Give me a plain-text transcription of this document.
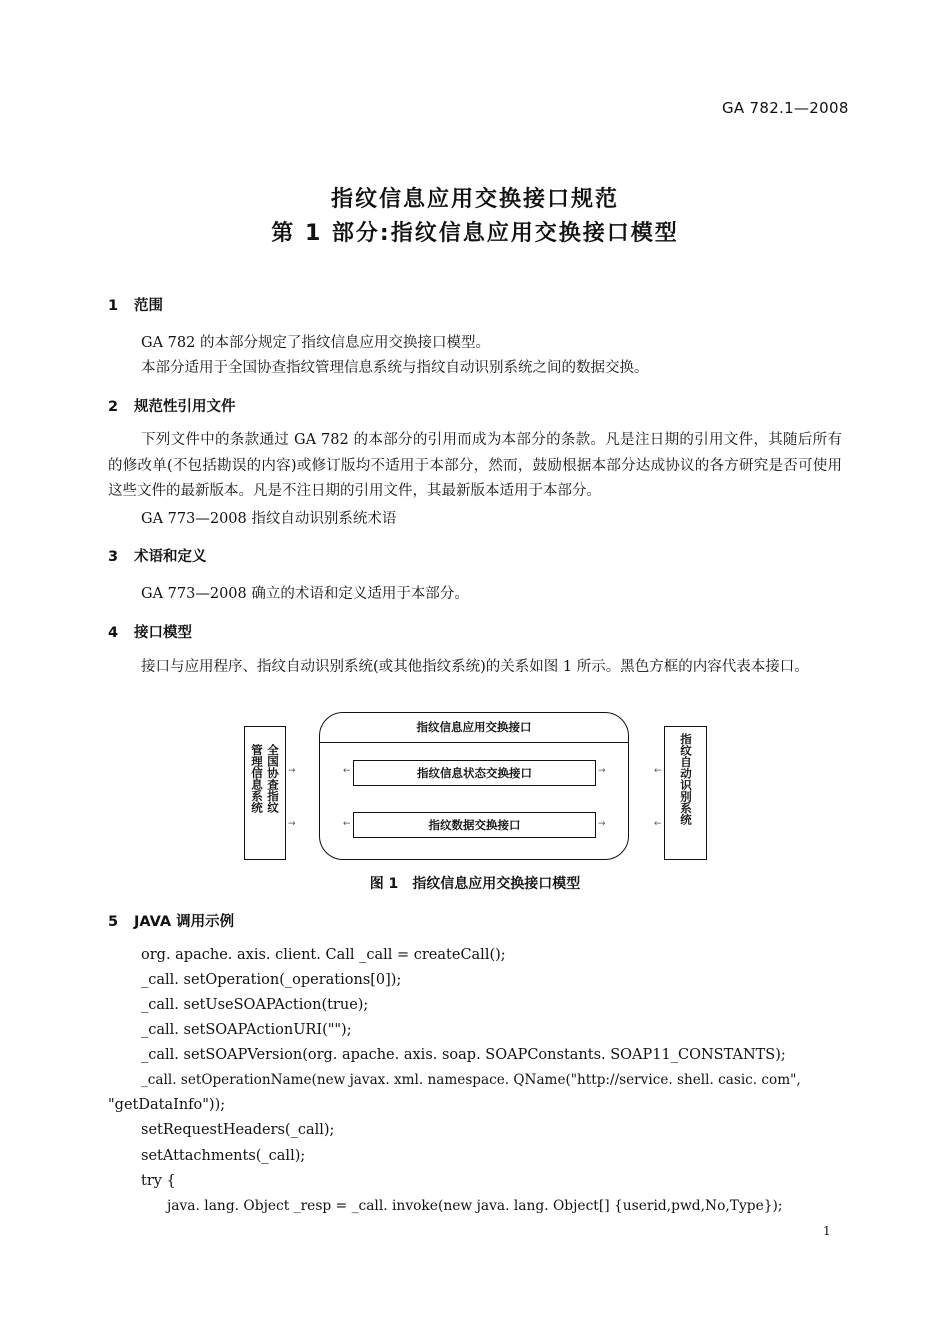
GA 782.1—2008
指纹信息应用交换接口规范
第 1 部分:指纹信息应用交换接口模型
1 范围
GA 782 的本部分规定了指纹信息应用交换接口模型。
本部分适用于全国协查指纹管理信息系统与指纹自动识别系统之间的数据交换。
2 规范性引用文件
下列文件中的条款通过 GA 782 的本部分的引用而成为本部分的条款。凡是注日期的引用文件，其随后所有的修改单(不包括勘误的内容)或修订版均不适用于本部分，然而，鼓励根据本部分达成协议的各方研究是否可使用这些文件的最新版本。凡是不注日期的引用文件，其最新版本适用于本部分。
GA 773—2008 指纹自动识别系统术语
3 术语和定义
GA 773—2008 确立的术语和定义适用于本部分。
4 接口模型
接口与应用程序、指纹自动识别系统(或其他指纹系统)的关系如图 1 所示。黑色方框的内容代表本接口。
管理信息系统 全国协查指纹	指纹自动识别系统
指纹信息应用交换接口
指纹信息状态交换接口
指纹数据交换接口
→
→
←
←
→
→
←
←
图 1 指纹信息应用交换接口模型
5 JAVA 调用示例
org. apache. axis. client. Call _call = createCall();
_call. setOperation(_operations[0]);
_call. setUseSOAPAction(true);
_call. setSOAPActionURI("");
_call. setSOAPVersion(org. apache. axis. soap. SOAPConstants. SOAP11_CONSTANTS);
_call. setOperationName(new javax. xml. namespace. QName("http://service. shell. casic. com",
"getDataInfo"));
setRequestHeaders(_call);
setAttachments(_call);
try {
java. lang. Object _resp = _call. invoke(new java. lang. Object[] {userid,pwd,No,Type});
1
